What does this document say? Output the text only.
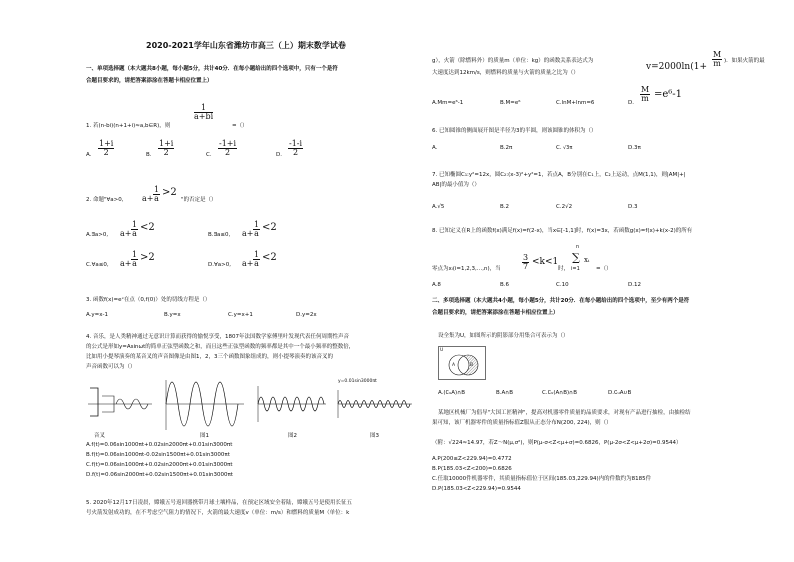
2020-2021学年山东省潍坊市高三（上）期末数学试卷
一、单项选择题（本大题共8小题，每小题5分，共计40分．在每小题给出的四个选项中，只有一个是符
合题目要求的，请把答案添涂在答题卡相应位置上）
$\frac{1}{a+bi}$
1. 若(n-bi)(n+1+i)≈a,b∈R)，则	=（）
A. $\frac{1+i}{2}$	B. $\frac{1+i}{2}$	C. $\frac{-1+i}{2}$	D. $\frac{-1-i}{2}$
2. 命题"∀a>0, $a+ \frac{1}{a} >2$
"的否定是（）
A.∃a>0, $a+ \frac{1}{a} <2$
B.∃a≤0, $a+ \frac{1}{a} <2$
C.∀a≤0, $a+ \frac{1}{a} >2$
D.∀a>0, $a+ \frac{1}{a} <2$
3. 函数f(x)=eˣ在点（0,f(0)）处的切线方程是（）
A.y=x-1	B.y=x	C.y=x+1	D.y=2x
4. 音乐，是人类精神通过无意识计算而获得的愉悦享受，1807年法国数学家傅里叶发现代表任何周期性声音
的公式是形如y=Asinωt的简单正弦型函数之和，而且这些正弦型函数的频率都是其中一个最小频率的整数倍，
比如用小提琴演奏的某音叉的声音图像是由图1，2，3三个函数图象组成的，则小提琴演奏的该音叉的
声音函数可以为（）
y=0.01sin3000πt
音叉	图1	图2	图3
A.f(t)=0.06sin1000πt+0.02sin2000πt+0.01sin3000πt
B.f(t)=0.06sin1000πt-0.02sin1500πt+0.01sin3000πt
C.f(t)=0.06sin1000πt+0.02sin2000πt+0.01sin3000πt
D.f(t)=0.06sin2000πt+0.02sin1500πt+0.01sin3000πt
5. 2020年12月17日凌晨，嫦娥五号返回器携带月球土壤样品，在预定区域安全着陆，嫦娥五号是使用长征五
号火箭发射成功的，在不考虑空气阻力的情况下，火箭的最大速度v（单位：m/s）和燃料的质量M（单位：k
g），火箭（除燃料外）的质量m（单位：kg）的函数关系表达式为
$v=2000\ln(1+ \frac{M}{m}$ )．如果火箭的最
大速度达到12km/s，则燃料的质量与火箭的质量之比为（）
A.Mm=e⁶-1	B.M=e⁶	C.lnM+lnm=6	D. $\frac{M}{m} =e^6-1$
6. 已知圆锥的侧面展开图是半径为3的半圆，则该圆锥的体积为（）
A.	B.2π	C. √3π	D.3π
7. 已知椭圆C₁:y²=12x，圆C₂:(x-3)²+y²=1，若点A，B分别在C₁上，C₂上运动，点M(1,1)，则|AM|+|
AB|的最小值为（）
A.√5	B.2	C.2√2	D.3
8. 已知定义在R上的函数f(x)满足f(x)=f(2-x)，当x∈[-1,1]时，f(x)=3x，若函数g(x)=f(x)+k(x-2)的所有
零点为xᵢ(i=1,2,3,…,n)，当	$\frac{3}{7} <k<1$
时，
n
∑
i=1
xᵢ
=（）
A.8	B.6	C.10	D.12
二、多项选择题（本大题共4小题，每小题5分，共计20分．在每小题给出的四个选项中，至少有两个是符
合题目要求的，请把答案添涂在答题卡相应位置上）
设全集为U，如图所示的阴影部分用集合可表示为（）
U
A	B
A.(∁ᵤA)∩B	B.A∩B	C.∁ᵤ(A∩B)∩B	D.∁ᵤA∪B
某地区机械厂为倡导"大国工匠精神"，提高对机器零件质量的品质要求，对现有产品进行抽检，由抽检结
果可知，该厂机器零件的质量指标值Z服从正态分布N(200, 224)，则（）
（附：√224≈14.97，若Z～N(μ,σ²)，则P(μ-σ<Z<μ+σ)=0.6826，P(μ-2σ<Z<μ+2σ)=0.9544）
A.P(200≤Z<229.94)=0.4772
B.P(185.03<Z<200)=0.6826
C.任取10000件机器零件，其质量指标值位于区间(185.03,229.94)内的件数约为8185件
D.P(185.03<Z<229.94)=0.9544
